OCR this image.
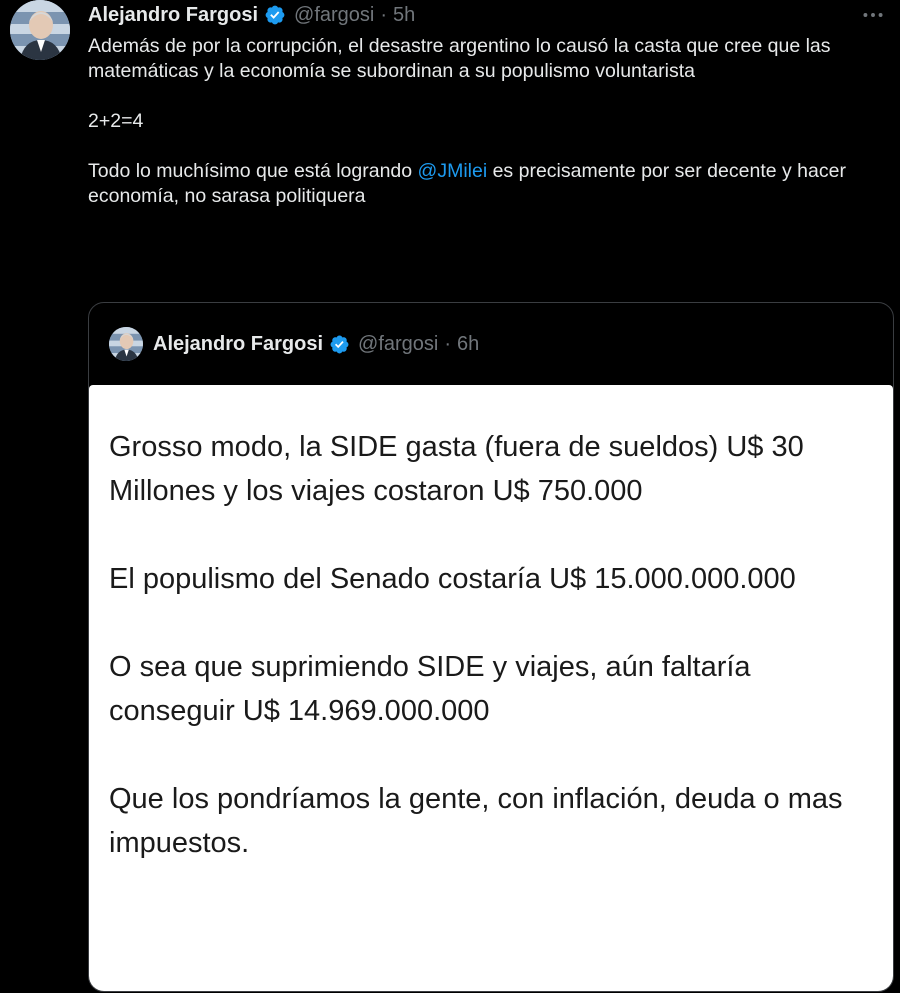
Alejandro Fargosi @fargosi · 5h

Además de por la corrupción, el desastre argentino lo causó la casta que cree que las matemáticas y la economía se subordinan a su populismo voluntarista

2+2=4

Todo lo muchísimo que está logrando @JMilei es precisamente por ser decente y hacer economía, no sarasa politiquera

Alejandro Fargosi @fargosi · 6h

Grosso modo, la SIDE gasta (fuera de sueldos) U$ 30 Millones y los viajes costaron U$ 750.000

El populismo del Senado costaría U$ 15.000.000.000

O sea que suprimiendo SIDE y viajes, aún faltaría conseguir U$ 14.969.000.000

Que los pondríamos la gente, con inflación, deuda o mas impuestos.
